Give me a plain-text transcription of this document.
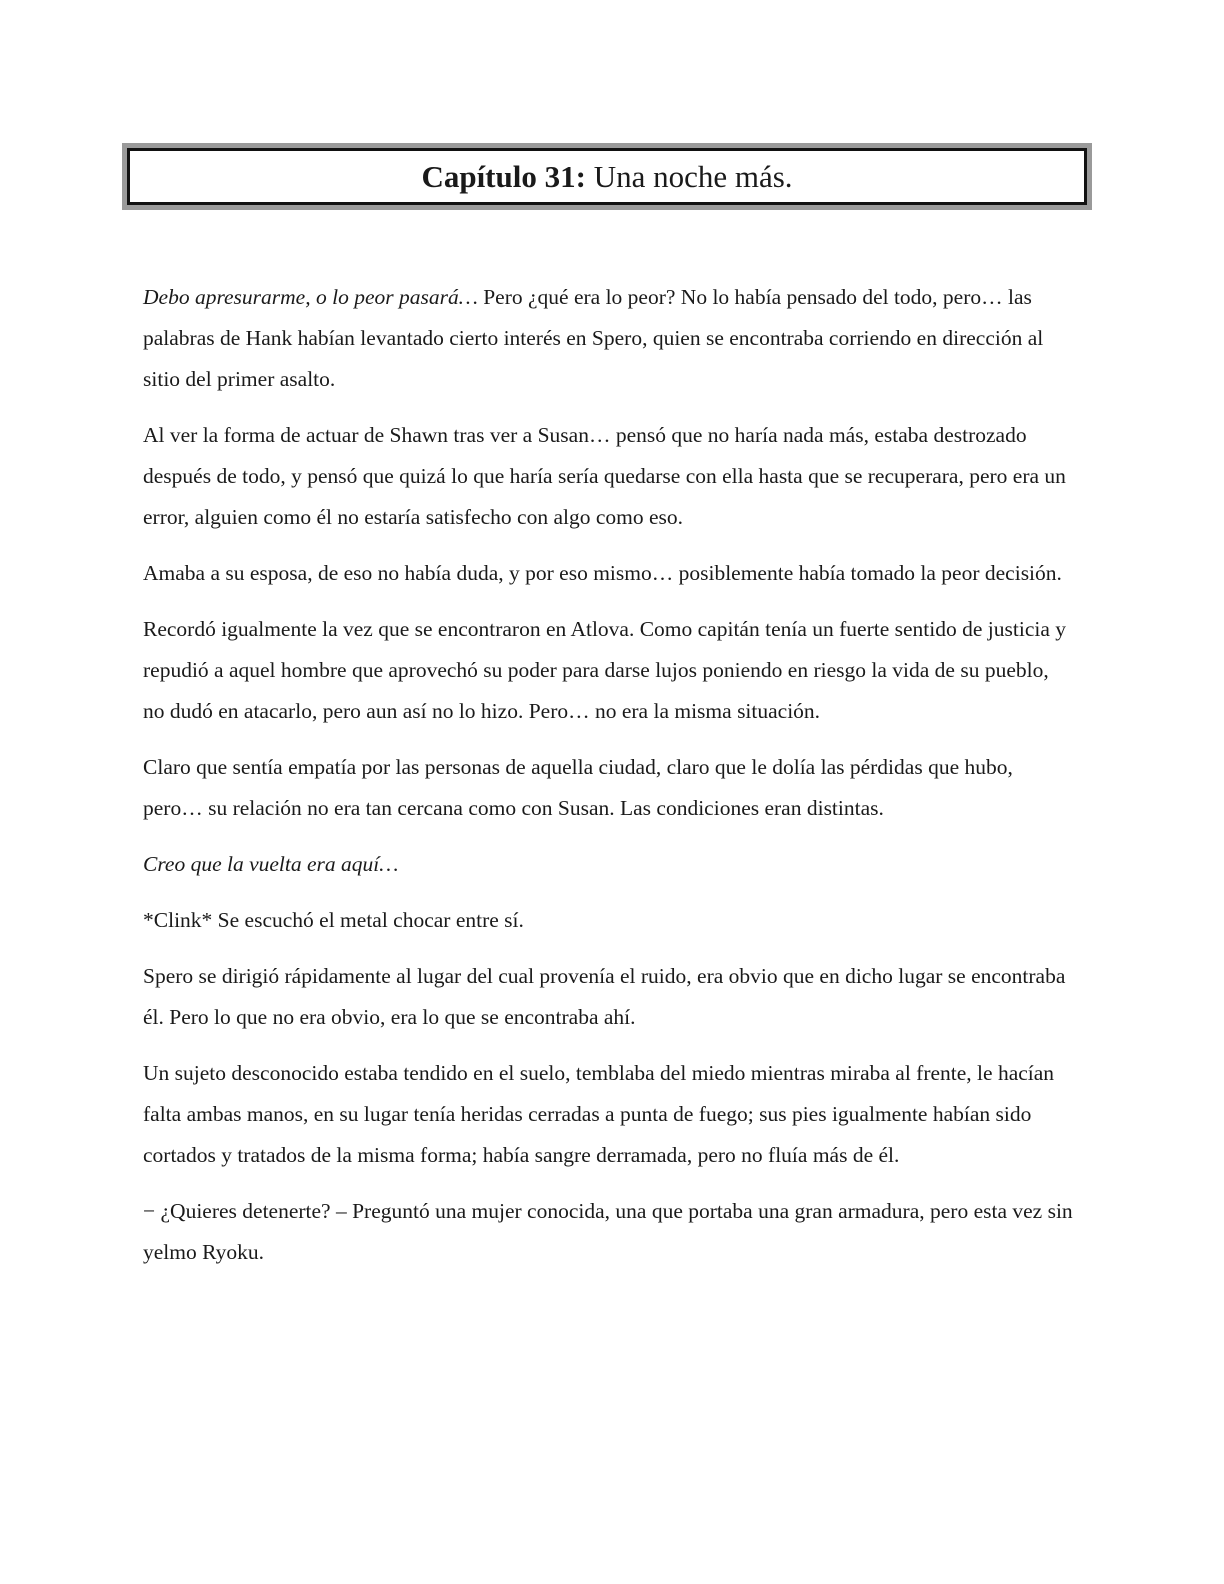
Capítulo 31:
Una noche más.

Debo apresurarme, o lo peor pasará… Pero ¿qué era lo peor? No lo había pensado del todo, pero… las palabras de Hank habían levantado cierto interés en Spero, quien se encontraba corriendo en dirección al sitio del primer asalto.

Al ver la forma de actuar de Shawn tras ver a Susan… pensó que no haría nada más, estaba destrozado después de todo, y pensó que quizá lo que haría sería quedarse con ella hasta que se recuperara, pero era un error, alguien como él no estaría satisfecho con algo como eso.

Amaba a su esposa, de eso no había duda, y por eso mismo… posiblemente había tomado la peor decisión.

Recordó igualmente la vez que se encontraron en Atlova. Como capitán tenía un fuerte sentido de justicia y repudió a aquel hombre que aprovechó su poder para darse lujos poniendo en riesgo la vida de su pueblo, no dudó en atacarlo, pero aun así no lo hizo. Pero… no era la misma situación.

Claro que sentía empatía por las personas de aquella ciudad, claro que le dolía las pérdidas que hubo, pero… su relación no era tan cercana como con Susan. Las condiciones eran distintas.

Creo que la vuelta era aquí…

*Clink* Se escuchó el metal chocar entre sí.

Spero se dirigió rápidamente al lugar del cual provenía el ruido, era obvio que en dicho lugar se encontraba él. Pero lo que no era obvio, era lo que se encontraba ahí.

Un sujeto desconocido estaba tendido en el suelo, temblaba del miedo mientras miraba al frente, le hacían falta ambas manos, en su lugar tenía heridas cerradas a punta de fuego; sus pies igualmente habían sido cortados y tratados de la misma forma; había sangre derramada, pero no fluía más de él.

− ¿Quieres detenerte? – Preguntó una mujer conocida, una que portaba una gran armadura, pero esta vez sin yelmo Ryoku.
